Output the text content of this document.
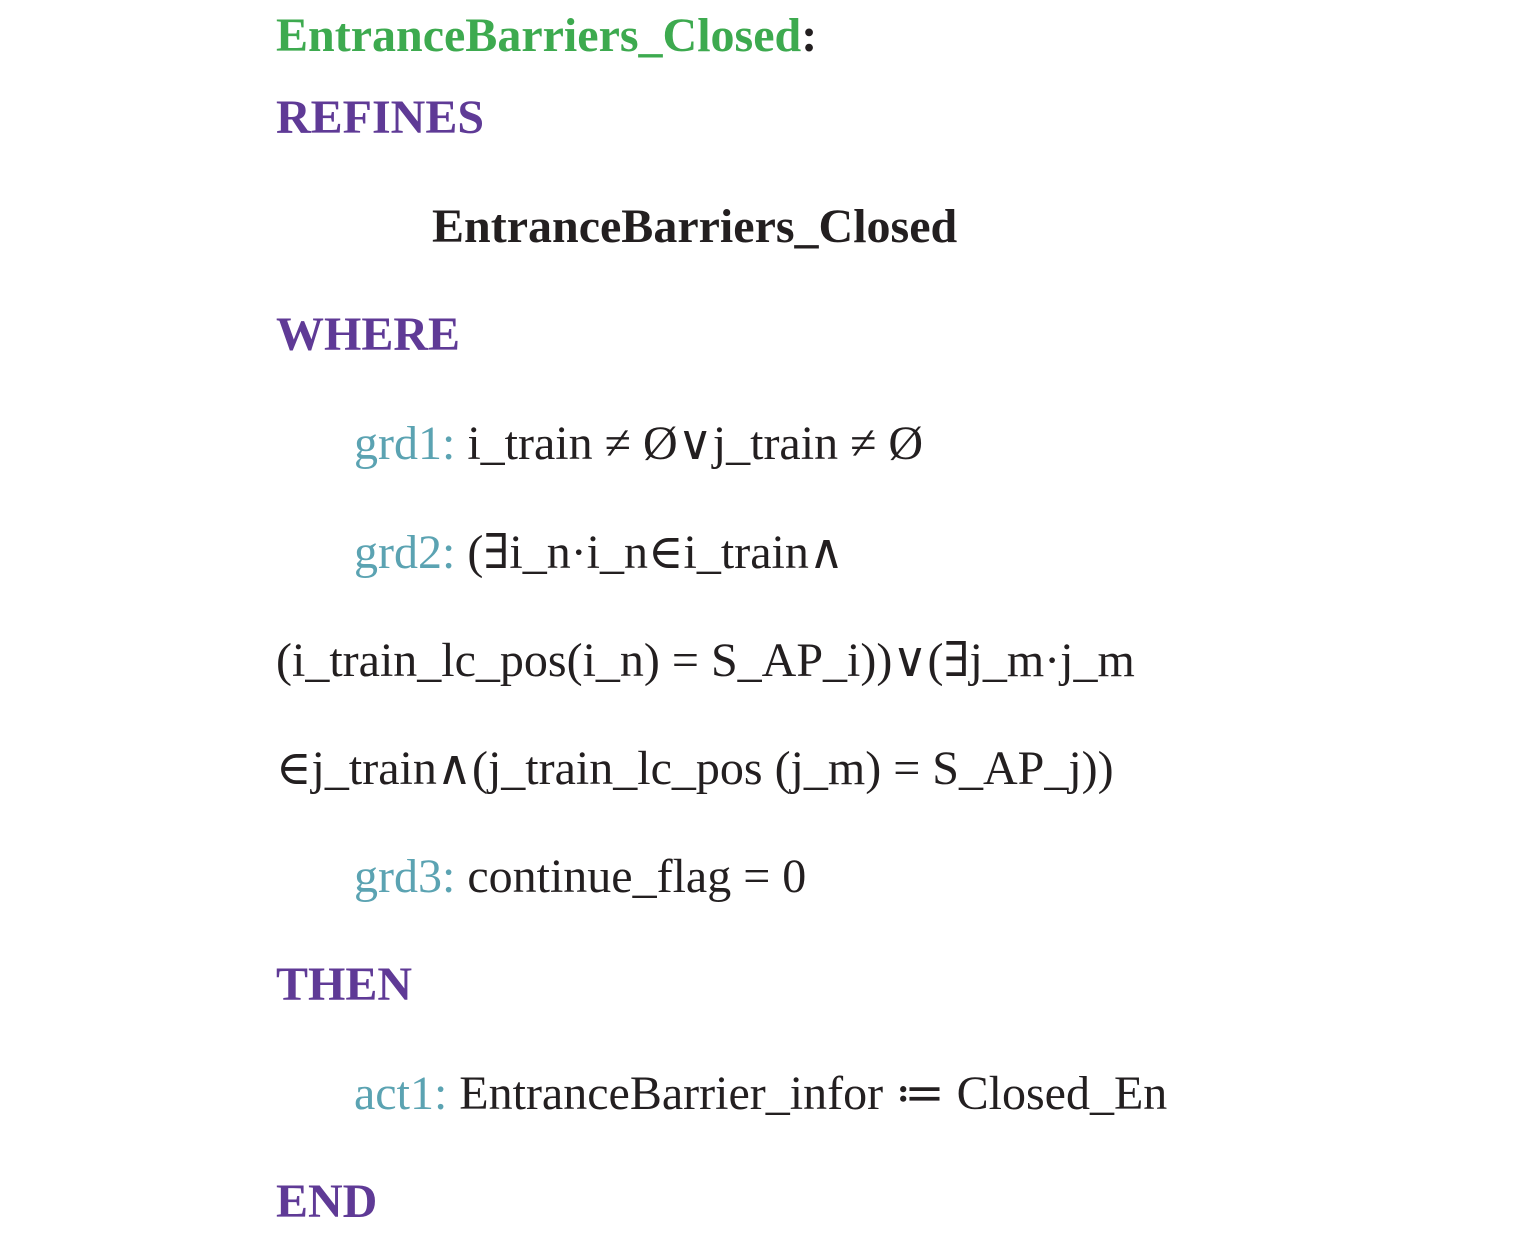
EntranceBarriers_Closed:
REFINES
EntranceBarriers_Closed
WHERE
grd1: i_train ≠ Ø∨j_train ≠ Ø
grd2: (∃i_n·i_n∈i_train∧
(i_train_lc_pos(i_n) = S_AP_i))∨(∃j_m·j_m
∈j_train∧(j_train_lc_pos (j_m) = S_AP_j))
grd3: continue_flag = 0
THEN
act1: EntranceBarrier_infor ≔ Closed_En
END
